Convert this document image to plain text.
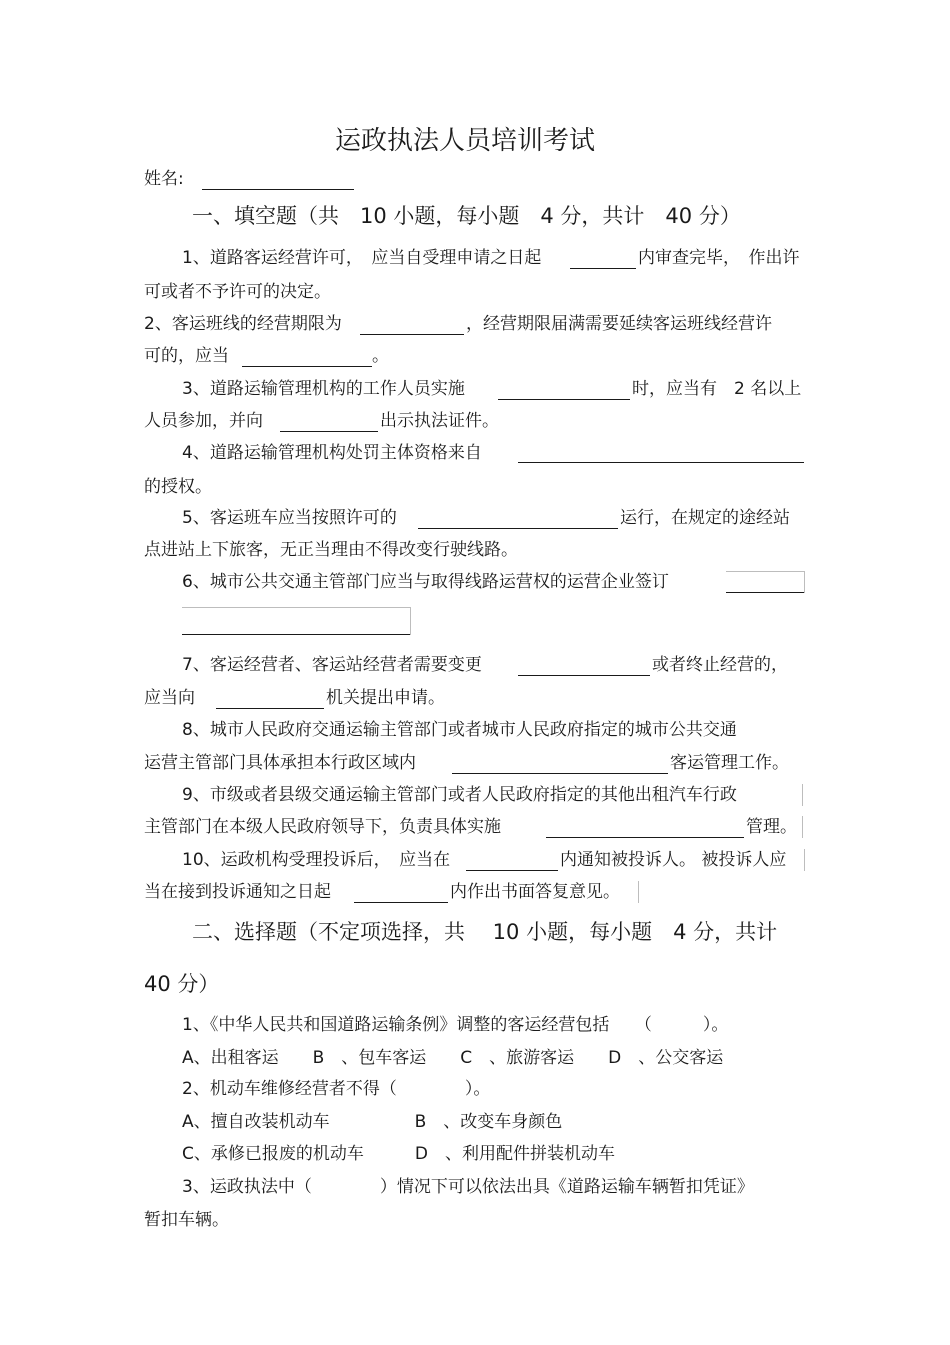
运政执法人员培训考试
姓名:
一、填空题（共　10 小题，每小题　4 分，共计　40 分）
1、道路客运经营许可，　应当自受理申请之日起	内审查完毕，　作出许
可或者不予许可的决定。
2、客运班线的经营期限为	，经营期限届满需要延续客运班线经营许
可的，应当	。
3、道路运输管理机构的工作人员实施	时，应当有　2 名以上
人员参加，并向	出示执法证件。
4、道路运输管理机构处罚主体资格来自
的授权。
5、客运班车应当按照许可的	运行，在规定的途经站
点进站上下旅客，无正当理由不得改变行驶线路。
6、城市公共交通主管部门应当与取得线路运营权的运营企业签订
7、客运经营者、客运站经营者需要变更	或者终止经营的，
应当向	机关提出申请。
8、城市人民政府交通运输主管部门或者城市人民政府指定的城市公共交通
运营主管部门具体承担本行政区域内	客运管理工作。
9、市级或者县级交通运输主管部门或者人民政府指定的其他出租汽车行政
主管部门在本级人民政府领导下，负责具体实施	管理。
10、运政机构受理投诉后，　应当在	内通知被投诉人。 被投诉人应
当在接到投诉通知之日起	内作出书面答复意见。
二、选择题（不定项选择，共　 10 小题，每小题　4 分，共计
40 分）
1、《中华人民共和国道路运输条例》调整的客运经营包括　　（　　　）。
A、出租客运　　B　、包车客运　　C　、旅游客运　　D　、公交客运
2、机动车维修经营者不得（　　　　）。
A、擅自改装机动车　　　　　B　、改变车身颜色
C、承修已报废的机动车　　　D　、利用配件拼装机动车
3、运政执法中（　　　　）情况下可以依法出具《道路运输车辆暂扣凭证》
暂扣车辆。
